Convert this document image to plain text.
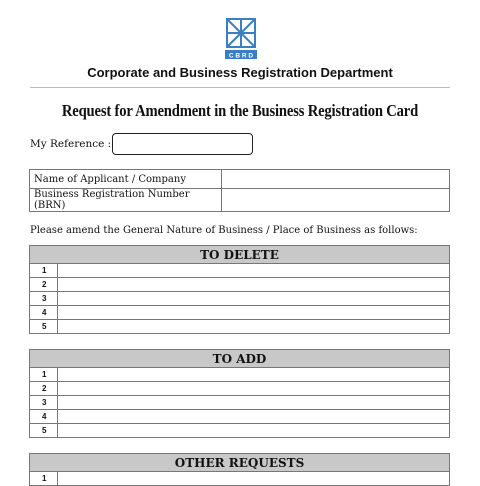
C B R D
Corporate and Business Registration Department
Request for Amendment in the Business Registration Card
My Reference :
Name of Applicant / Company	
Business Registration Number (BRN)	
Please amend the General Nature of Business / Place of Business as follows:
TO DELETE	
1	
2	
3	
4	
5	
TO ADD	
1	
2	
3	
4	
5	
OTHER REQUESTS
1	
